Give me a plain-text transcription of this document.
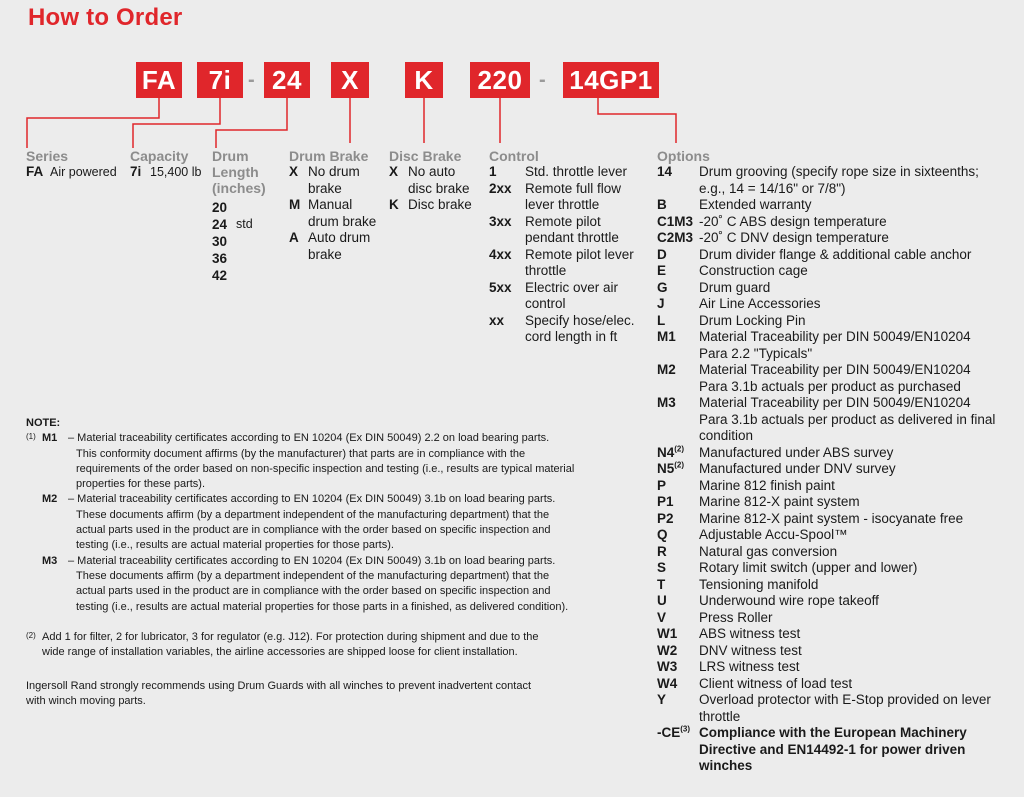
How to Order
FA	7i - 24	X	K	220 - 14GP1
Series
FA Air powered
Capacity
7i 15,400 lb
Drum
Length
(inches)
20
24 std
30
36
42
Drum Brake
X No drum
brake
M Manual
drum brake
A Auto drum
brake
Disc Brake
X No auto
disc brake
K Disc brake
Control
1	Std. throttle lever
2xx Remote full flow
lever throttle
3xx Remote pilot
pendant throttle
4xx Remote pilot lever
throttle
5xx Electric over air
control
xx	Specify hose/elec.
cord length in ft
Options
14	Drum grooving (specify rope size in sixteenths;
e.g., 14 = 14/16" or 7/8")
B	Extended warranty
C1M3 -20˚ C ABS design temperature
C2M3 -20˚ C DNV design temperature
D	Drum divider flange & additional cable anchor
E	Construction cage
G	Drum guard
J	Air Line Accessories
L	Drum Locking Pin
M1	Material Traceability per DIN 50049/EN10204
Para 2.2 "Typicals"
M2	Material Traceability per DIN 50049/EN10204
Para 3.1b actuals per product as purchased
M3	Material Traceability per DIN 50049/EN10204
Para 3.1b actuals per product as delivered in final
condition
N4$^{(2)}$	Manufactured under ABS survey
N5$^{(2)}$	Manufactured under DNV survey
P	Marine 812 finish paint
P1	Marine 812-X paint system
P2	Marine 812-X paint system - isocyanate free
Q	Adjustable Accu-Spool™
R	Natural gas conversion
S	Rotary limit switch (upper and lower)
T	Tensioning manifold
U	Underwound wire rope takeoff
V	Press Roller
W1	ABS witness test
W2	DNV witness test
W3	LRS witness test
W4	Client witness of load test
Y	Overload protector with E-Stop provided on lever
throttle
-CE$^{(3)}$ Compliance with the European Machinery
Directive and EN14492-1 for power driven
winches
NOTE:
(1) M1 – Material traceability certificates according to EN 10204 (Ex DIN 50049) 2.2 on load bearing parts.
This conformity document affirms (by the manufacturer) that parts are in compliance with the
requirements of the order based on non-specific inspection and testing (i.e., results are typical material
properties for these parts).
M2 – Material traceability certificates according to EN 10204 (Ex DIN 50049) 3.1b on load bearing parts.
These documents affirm (by a department independent of the manufacturing department) that the
actual parts used in the product are in compliance with the order based on specific inspection and
testing (i.e., results are actual material properties for those parts).
M3 – Material traceability certificates according to EN 10204 (Ex DIN 50049) 3.1b on load bearing parts.
These documents affirm (by a department independent of the manufacturing department) that the
actual parts used in the product are in compliance with the order based on specific inspection and
testing (i.e., results are actual material properties for those parts in a finished, as delivered condition).
(2) Add 1 for filter, 2 for lubricator, 3 for regulator (e.g. J12). For protection during shipment and due to the
wide range of installation variables, the airline accessories are shipped loose for client installation.
Ingersoll Rand strongly recommends using Drum Guards with all winches to prevent inadvertent contact
with winch moving parts.
